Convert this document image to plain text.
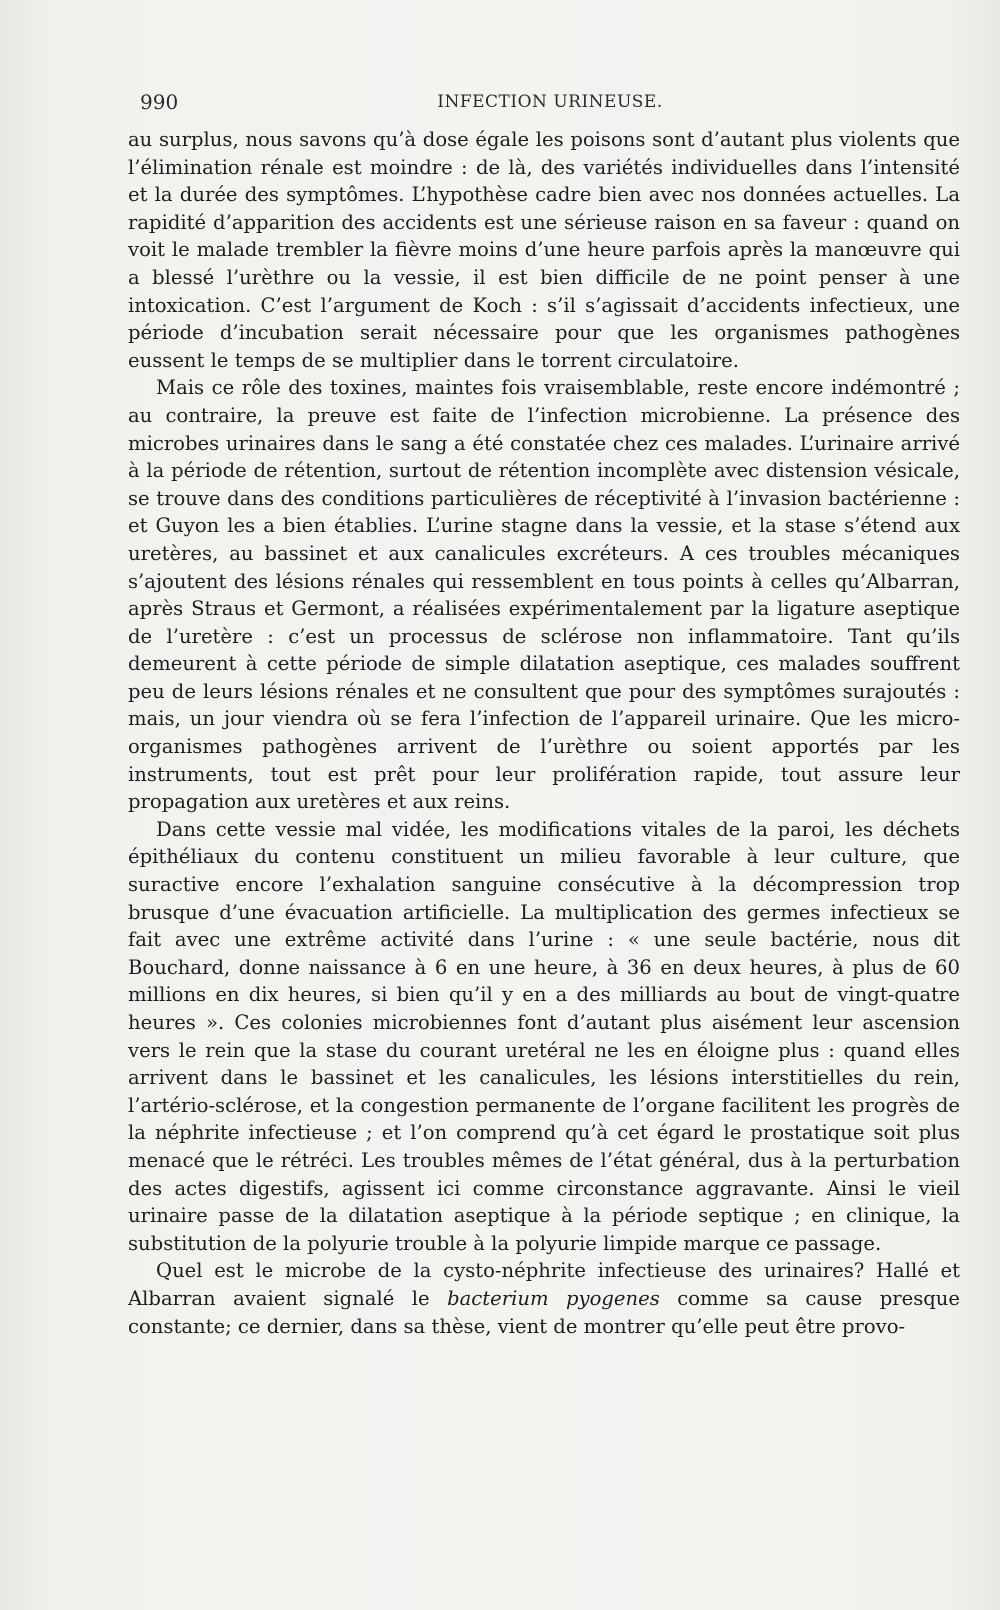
990	INFECTION URINEUSE.

au surplus, nous savons qu’à dose égale les poisons sont d’autant plus violents que l’élimination rénale est moindre : de là, des variétés individuelles dans l’intensité et la durée des symptômes. L’hypothèse cadre bien avec nos données actuelles. La rapidité d’apparition des accidents est une sérieuse raison en sa faveur : quand on voit le malade trembler la fièvre moins d’une heure parfois après la manœuvre qui a blessé l’urèthre ou la vessie, il est bien difficile de ne point penser à une intoxication. C’est l’argument de Koch : s’il s’agissait d’accidents infectieux, une période d’incubation serait nécessaire pour que les organismes pathogènes eussent le temps de se multiplier dans le torrent circulatoire.

Mais ce rôle des toxines, maintes fois vraisemblable, reste encore indémontré ; au contraire, la preuve est faite de l’infection microbienne. La présence des microbes urinaires dans le sang a été constatée chez ces malades. L’urinaire arrivé à la période de rétention, surtout de rétention incomplète avec distension vésicale, se trouve dans des conditions particulières de réceptivité à l’invasion bactérienne : et Guyon les a bien établies. L’urine stagne dans la vessie, et la stase s’étend aux uretères, au bassinet et aux canalicules excréteurs. A ces troubles mécaniques s’ajoutent des lésions rénales qui ressemblent en tous points à celles qu’Albarran, après Straus et Germont, a réalisées expérimentalement par la ligature aseptique de l’uretère : c’est un processus de sclérose non inflammatoire. Tant qu’ils demeurent à cette période de simple dilatation aseptique, ces malades souffrent peu de leurs lésions rénales et ne consultent que pour des symptômes surajoutés : mais, un jour viendra où se fera l’infection de l’appareil urinaire. Que les micro-organismes pathogènes arrivent de l’urèthre ou soient apportés par les instruments, tout est prêt pour leur prolifération rapide, tout assure leur propagation aux uretères et aux reins.

Dans cette vessie mal vidée, les modifications vitales de la paroi, les déchets épithéliaux du contenu constituent un milieu favorable à leur culture, que suractive encore l’exhalation sanguine consécutive à la décompression trop brusque d’une évacuation artificielle. La multiplication des germes infectieux se fait avec une extrême activité dans l’urine : « une seule bactérie, nous dit Bouchard, donne naissance à 6 en une heure, à 36 en deux heures, à plus de 60 millions en dix heures, si bien qu’il y en a des milliards au bout de vingt-quatre heures ». Ces colonies microbiennes font d’autant plus aisément leur ascension vers le rein que la stase du courant uretéral ne les en éloigne plus : quand elles arrivent dans le bassinet et les canalicules, les lésions interstitielles du rein, l’artério-sclérose, et la congestion permanente de l’organe facilitent les progrès de la néphrite infectieuse ; et l’on comprend qu’à cet égard le prostatique soit plus menacé que le rétréci. Les troubles mêmes de l’état général, dus à la perturbation des actes digestifs, agissent ici comme circonstance aggravante. Ainsi le vieil urinaire passe de la dilatation aseptique à la période septique ; en clinique, la substitution de la polyurie trouble à la polyurie limpide marque ce passage.

Quel est le microbe de la cysto-néphrite infectieuse des urinaires? Hallé et Albarran avaient signalé le bacterium pyogenes comme sa cause presque constante; ce dernier, dans sa thèse, vient de montrer qu’elle peut être provo-
